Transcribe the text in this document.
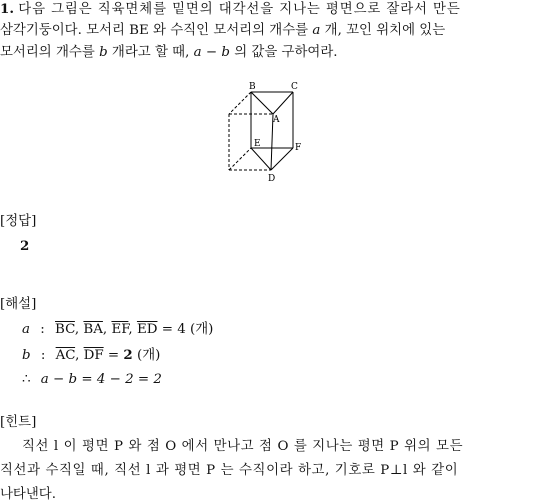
1. 다음 그림은 직육면체를 밑면의 대각선을 지나는 평면으로 잘라서 만든
삼각기둥이다. 모서리 BE 와 수직인 모서리의 개수를 a 개, 꼬인 위치에 있는
모서리의 개수를 b 개라고 할 때, a − b 의 값을 구하여라.
B	C
A
E	F
D
[정답]
2
[해설]
a : $\overline{BC}$, $\overline{BA}$, $\overline{EF}$, $\overline{ED} = 4$ (개)
b : $\overline{AC}$, $\overline{DF} = 2$ (개)
∴ a − b = 4 − 2 = 2
[힌트]
직선 l 이 평면 P 와 점 O 에서 만나고 점 O 를 지나는 평면 P 위의 모든
직선과 수직일 때, 직선 l 과 평면 P 는 수직이라 하고, 기호로 P⊥l 와 같이
나타낸다.
